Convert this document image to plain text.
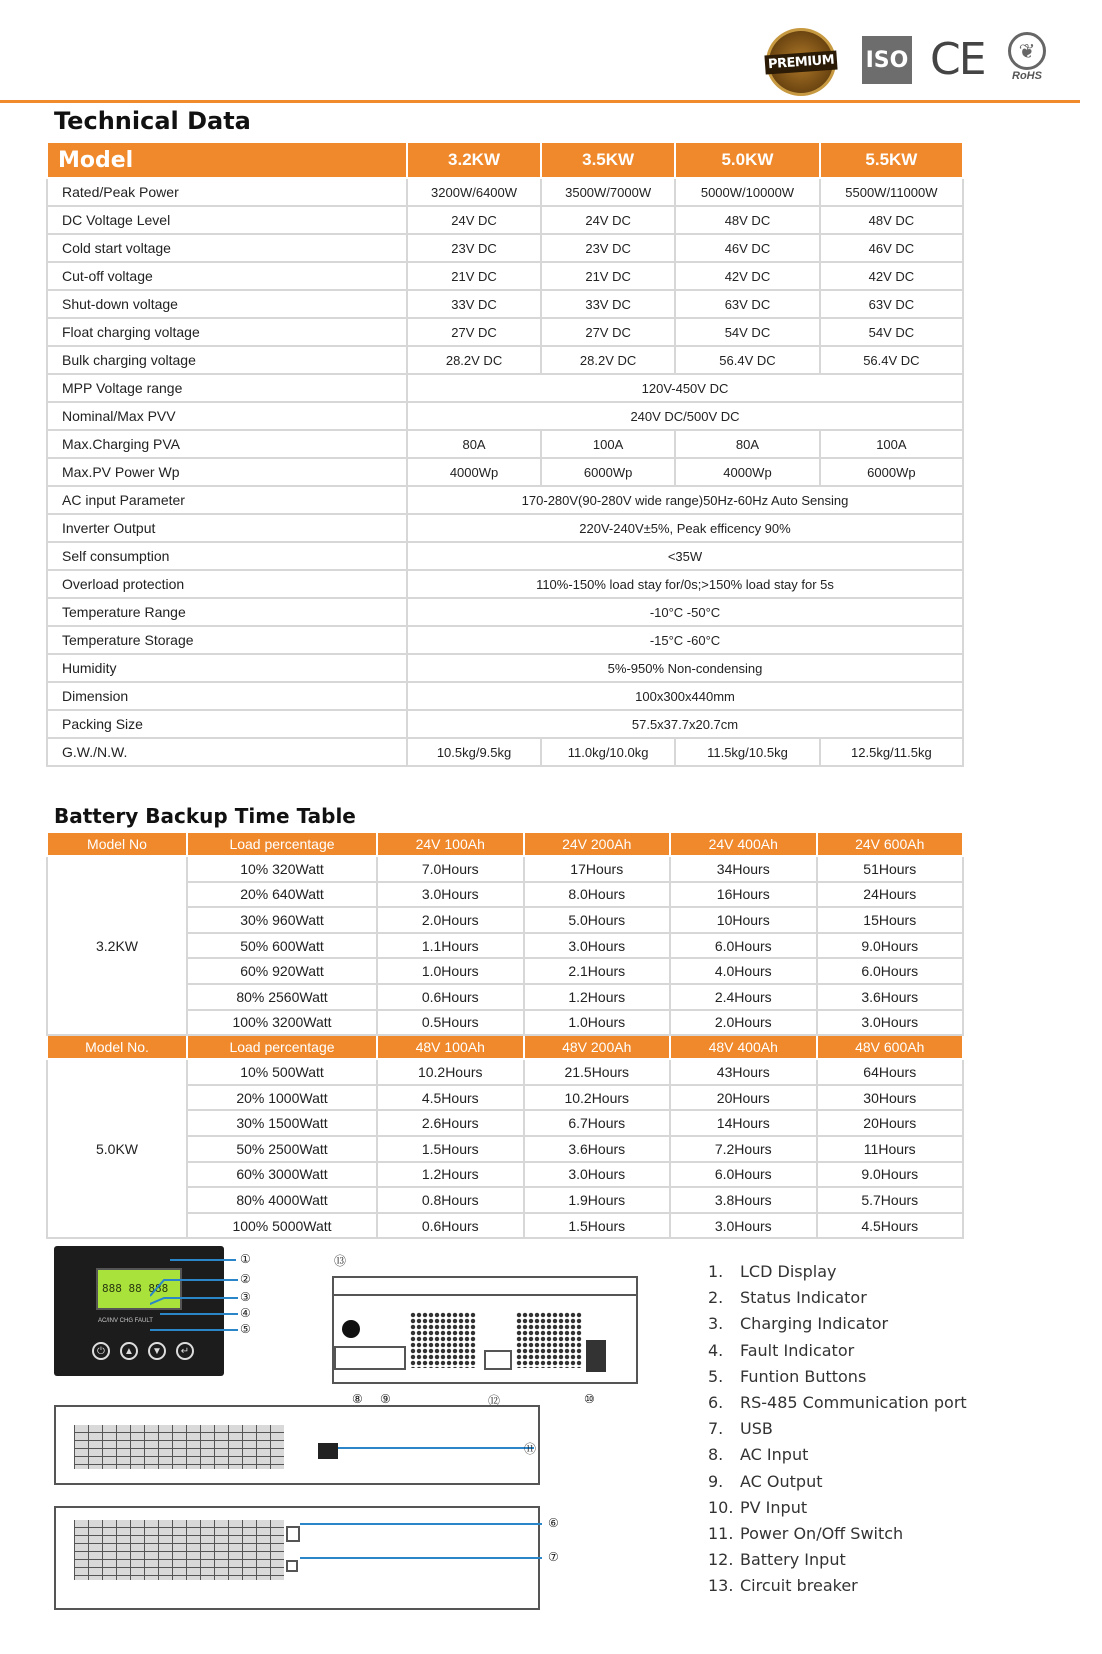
PREMIUM ISO CE	❦
RoHS
Technical Data
Model	3.2KW	3.5KW	5.0KW	5.5KW
Rated/Peak Power	3200W/6400W	3500W/7000W	5000W/10000W	5500W/11000W
DC Voltage Level	24V DC	24V DC	48V DC	48V DC
Cold start voltage	23V DC	23V DC	46V DC	46V DC
Cut-off voltage	21V DC	21V DC	42V DC	42V DC
Shut-down voltage	33V DC	33V DC	63V DC	63V DC
Float charging voltage	27V DC	27V DC	54V DC	54V DC
Bulk charging voltage	28.2V DC	28.2V DC	56.4V DC	56.4V DC
MPP Voltage range	120V-450V DC			
Nominal/Max PVV	240V DC/500V DC			
Max.Charging PVA	80A	100A	80A	100A
Max.PV Power Wp	4000Wp	6000Wp	4000Wp	6000Wp
AC input Parameter	170-280V(90-280V wide range)50Hz-60Hz Auto Sensing			
Inverter Output	220V-240V±5%, Peak efficency 90%			
Self consumption	<35W			
Overload protection	110%-150% load stay for/0s;>150% load stay for 5s			
Temperature Range	-10°C -50°C			
Temperature Storage	-15°C -60°C			
Humidity	5%-950% Non-condensing			
Dimension	100x300x440mm			
Packing Size	57.5x37.7x20.7cm			
G.W./N.W.	10.5kg/9.5kg	11.0kg/10.0kg	11.5kg/10.5kg	12.5kg/11.5kg
Battery Backup Time Table
Model No	Load percentage	24V 100Ah	24V 200Ah	24V 400Ah	24V 600Ah
3.2KW	10% 320Watt	7.0Hours	17Hours	34Hours	51Hours
	20% 640Watt	3.0Hours	8.0Hours	16Hours	24Hours
	30% 960Watt	2.0Hours	5.0Hours	10Hours	15Hours
	50% 600Watt	1.1Hours	3.0Hours	6.0Hours	9.0Hours
	60% 920Watt	1.0Hours	2.1Hours	4.0Hours	6.0Hours
	80% 2560Watt	0.6Hours	1.2Hours	2.4Hours	3.6Hours
	100% 3200Watt	0.5Hours	1.0Hours	2.0Hours	3.0Hours
Model No.	Load percentage	48V 100Ah	48V 200Ah	48V 400Ah	48V 600Ah
5.0KW	10% 500Watt	10.2Hours	21.5Hours	43Hours	64Hours
	20% 1000Watt	4.5Hours	10.2Hours	20Hours	30Hours
	30% 1500Watt	2.6Hours	6.7Hours	14Hours	20Hours
	50% 2500Watt	1.5Hours	3.6Hours	7.2Hours	11Hours
	60% 3000Watt	1.2Hours	3.0Hours	6.0Hours	9.0Hours
	80% 4000Watt	0.8Hours	1.9Hours	3.8Hours	5.7Hours
	100% 5000Watt	0.6Hours	1.5Hours	3.0Hours	4.5Hours
888 88 888
AC/INV CHG FAULT
⏻	▲	▼	↵
①
②
③
④
⑤
⑬
⑧ ⑨	⑫	⑩
⑪
⑥
⑦
1.	LCD Display
2.	Status Indicator
3.	Charging Indicator
4.	Fault Indicator
5.	Funtion Buttons
6.	RS-485 Communication port
7.	USB
8.	AC Input
9.	AC Output
10. PV Input
11. Power On/Off Switch
12. Battery Input
13. Circuit breaker
